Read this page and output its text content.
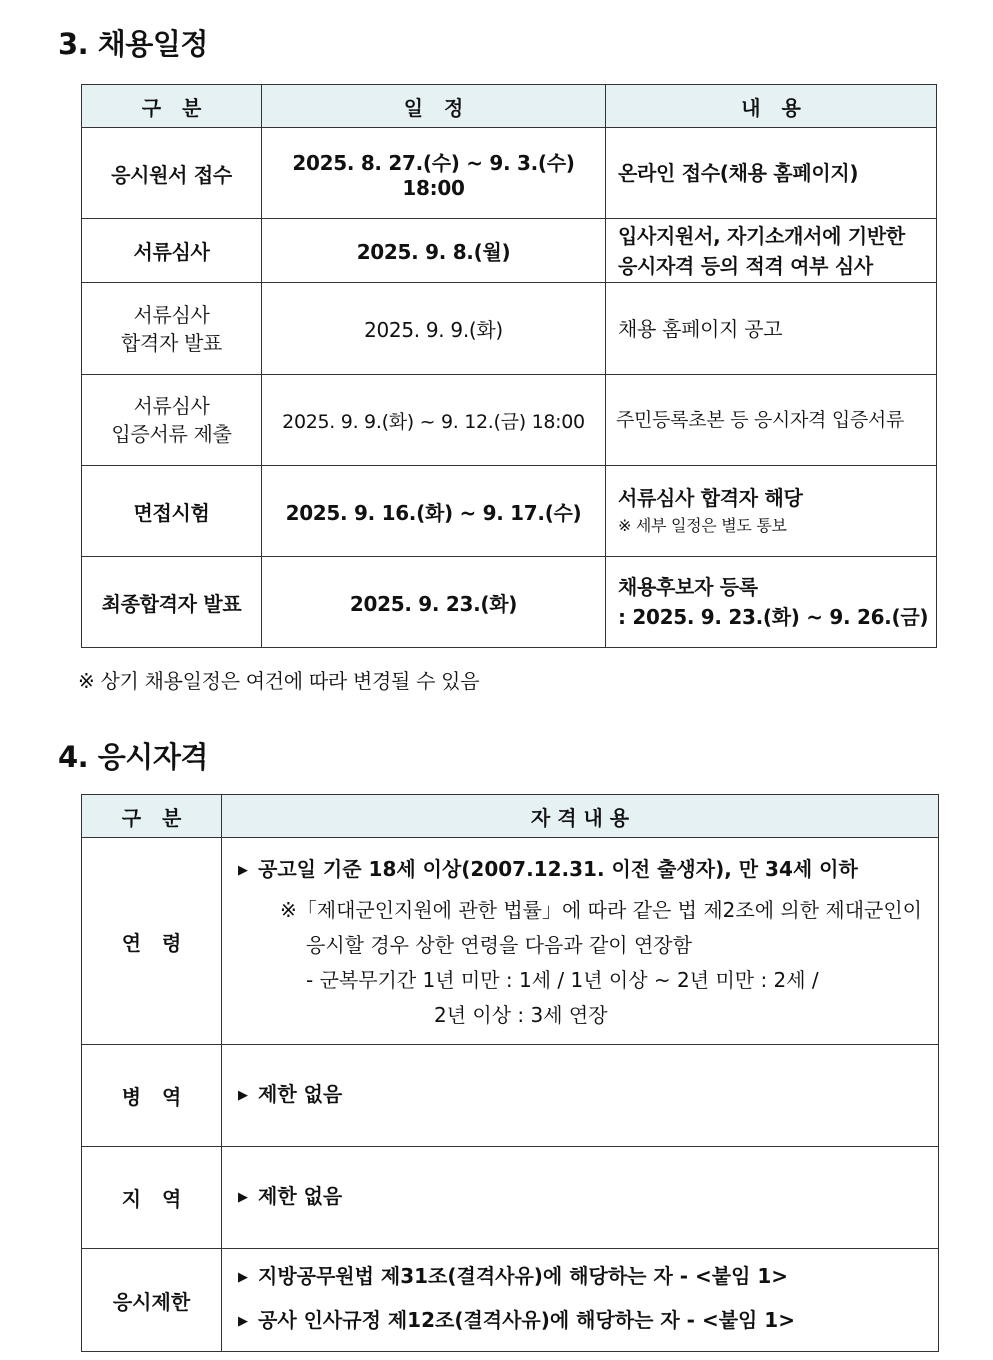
3. 채용일정
구   분	일   정	내   용
응시원서 접수	2025. 8. 27.(수) ~ 9. 3.(수) 18:00	온라인 접수(채용 홈페이지)
서류심사	2025. 9. 8.(월)	입사지원서, 자기소개서에 기반한
응시자격 등의 적격 여부 심사

서류심사
합격자 발표	2025. 9. 9.(화)	채용 홈페이지 공고

서류심사
입증서류 제출	2025. 9. 9.(화) ~ 9. 12.(금) 18:00	주민등록초본 등 응시자격 입증서류
면접시험	2025. 9. 16.(화) ~ 9. 17.(수)	서류심사 합격자 해당
※ 세부 일정은 별도 통보

최종합격자 발표	2025. 9. 23.(화)	채용후보자 등록
: 2025. 9. 23.(화) ~ 9. 26.(금)
※ 상기 채용일정은 여건에 따라 변경될 수 있음
4. 응시자격
구   분	자 격 내 용
연   령	▶ 공고일 기준 18세 이상(2007.12.31. 이전 출생자), 만 34세 이하
※「제대군인지원에 관한 법률」에 따라 같은 법 제2조에 의한 제대군인이
응시할 경우 상한 연령을 다음과 같이 연장함
- 군복무기간 1년 미만 : 1세 / 1년 이상 ~ 2년 미만 : 2세 /
2년 이상 : 3세 연장

병   역	▶ 제한 없음

지   역	▶ 제한 없음

응시제한	▶ 지방공무원법 제31조(결격사유)에 해당하는 자 - <붙임 1>
▶ 공사 인사규정 제12조(결격사유)에 해당하는 자 - <붙임 1>
